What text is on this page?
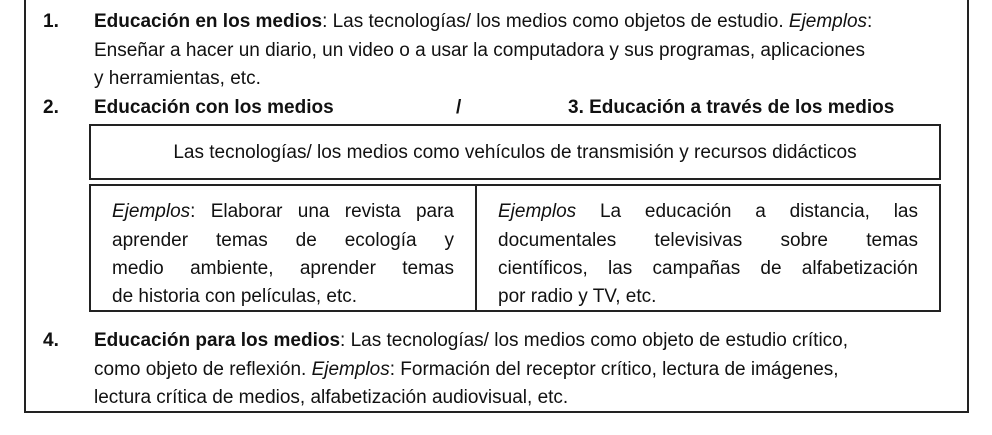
1. Educación en los medios: Las tecnologías/ los medios como objetos de estudio. Ejemplos:
Enseñar a hacer un diario, un video o a usar la computadora y sus programas, aplicaciones
y herramientas, etc.
2. Educación con los medios	/	3. Educación a través de los medios
Las tecnologías/ los medios como vehículos de transmisión y recursos didácticos
Ejemplos: Elaborar una revista para
aprender temas de ecología y
medio ambiente, aprender temas
de historia con películas, etc.
Ejemplos La educación a distancia, las
documentales televisivas sobre temas
científicos, las campañas de alfabetización
por radio y TV, etc.
4. Educación para los medios: Las tecnologías/ los medios como objeto de estudio crítico,
como objeto de reflexión. Ejemplos: Formación del receptor crítico, lectura de imágenes,
lectura crítica de medios, alfabetización audiovisual, etc.
